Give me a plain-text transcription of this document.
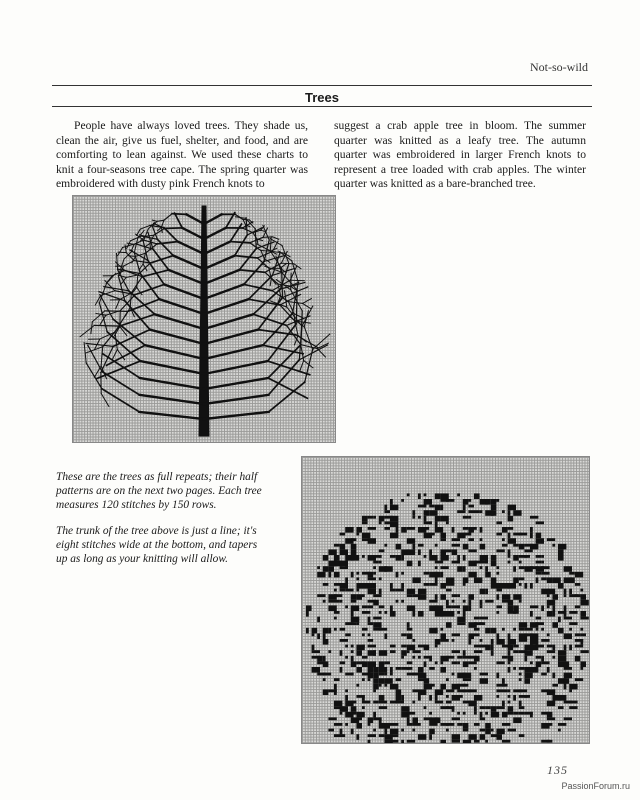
Not-so-wild
Trees

People have always loved trees. They shade us, clean the air, give us fuel, shelter, and food, and are comforting to lean against. We used these charts to knit a four-seasons tree cape. The spring quarter was embroidered with dusty pink French knots to

suggest a crab apple tree in bloom. The summer quarter was knitted as a leafy tree. The autumn quarter was embroidered in larger French knots to represent a tree loaded with crab apples. The winter quarter was knitted as a bare-branched tree.

These are the trees as full repeats; their half patterns are on the next two pages. Each tree measures 120 stitches by 150 rows.

The trunk of the tree above is just a line; it's eight stitches wide at the bottom, and tapers up as long as your knitting will allow.

135
PassionForum.ru
